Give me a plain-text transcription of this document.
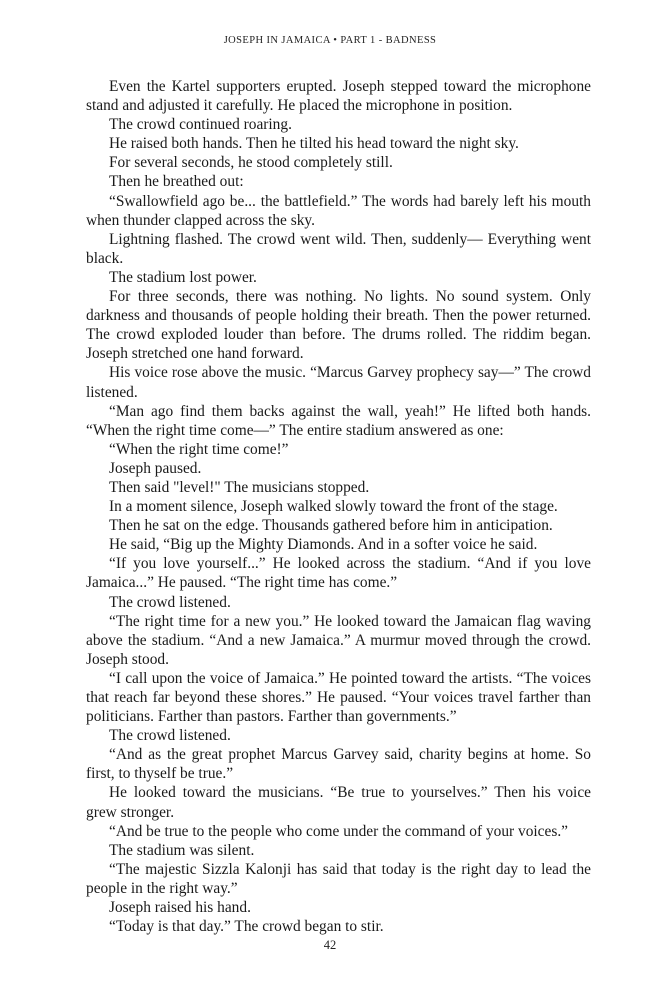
JOSEPH IN JAMAICA • PART 1 - BADNESS

Even the Kartel supporters erupted. Joseph stepped toward the microphone stand and adjusted it carefully. He placed the microphone in position.

The crowd continued roaring.

He raised both hands. Then he tilted his head toward the night sky.

For several seconds, he stood completely still.

Then he breathed out:

“Swallowfield ago be... the battlefield.” The words had barely left his mouth when thunder clapped across the sky.

Lightning flashed. The crowd went wild. Then, suddenly— Everything went black.

The stadium lost power.

For three seconds, there was nothing. No lights. No sound system. Only darkness and thousands of people holding their breath. Then the power returned. The crowd exploded louder than before. The drums rolled. The riddim began. Joseph stretched one hand forward.

His voice rose above the music. “Marcus Garvey prophecy say—” The crowd listened.

“Man ago find them backs against the wall, yeah!” He lifted both hands. “When the right time come—” The entire stadium answered as one:

“When the right time come!”

Joseph paused.

Then said "level!" The musicians stopped.

In a moment silence, Joseph walked slowly toward the front of the stage.

Then he sat on the edge. Thousands gathered before him in anticipation.

He said, “Big up the Mighty Diamonds. And in a softer voice he said.

“If you love yourself...” He looked across the stadium. “And if you love Jamaica...” He paused. “The right time has come.”

The crowd listened.

“The right time for a new you.” He looked toward the Jamaican flag waving above the stadium. “And a new Jamaica.” A murmur moved through the crowd. Joseph stood.

“I call upon the voice of Jamaica.” He pointed toward the artists. “The voices that reach far beyond these shores.” He paused. “Your voices travel farther than politicians. Farther than pastors. Farther than governments.”

The crowd listened.

“And as the great prophet Marcus Garvey said, charity begins at home. So first, to thyself be true.”

He looked toward the musicians. “Be true to yourselves.” Then his voice grew stronger.

“And be true to the people who come under the command of your voices.”

The stadium was silent.

“The majestic Sizzla Kalonji has said that today is the right day to lead the people in the right way.”

Joseph raised his hand.

“Today is that day.” The crowd began to stir.

42
